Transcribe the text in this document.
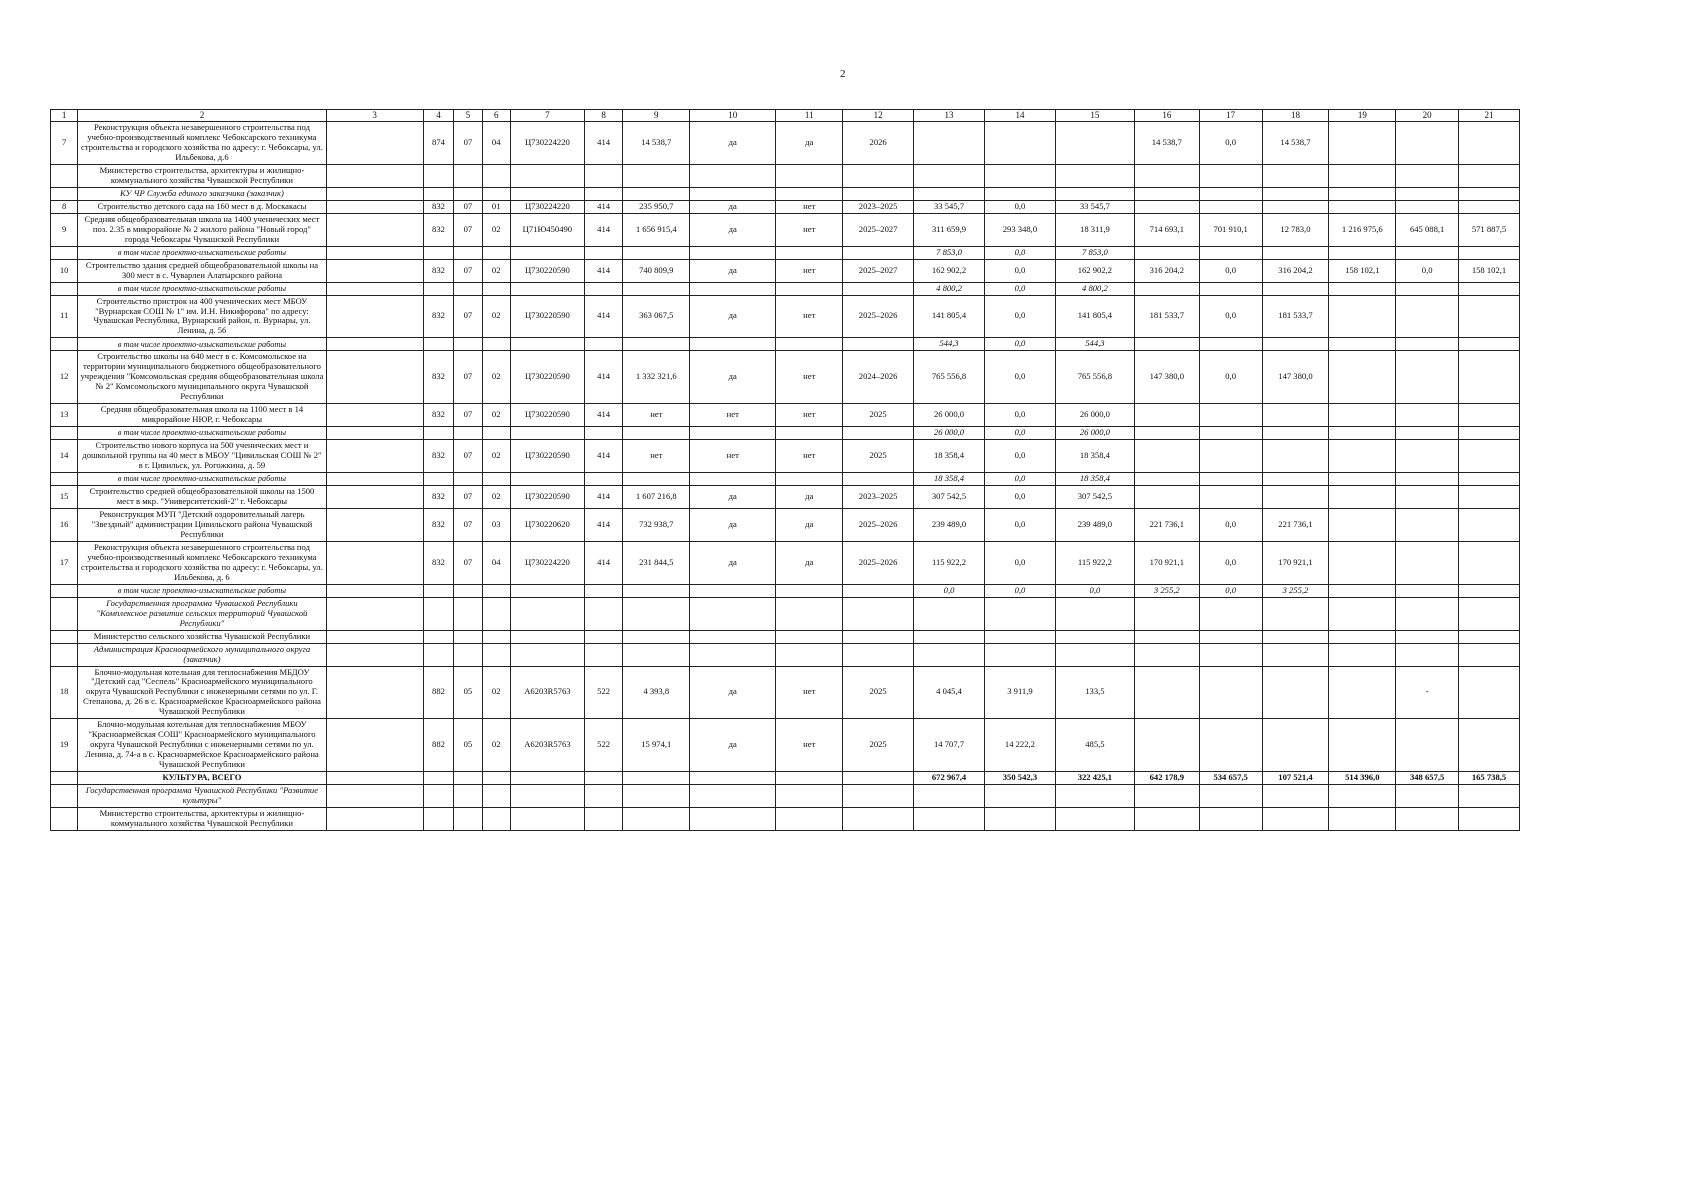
2
1	2	3	4	5	6	7	8	9	10	11	12	13	14	15	16	17	18	19	20	21
7	Реконструкция объекта незавершенного строительства под учебно-производственный комплекс Чебоксарского техникума строительства и городского хозяйства по адресу: г. Чебоксары, ул. Ильбекова, д.6		874	07	04	Ц730224220	414	14 538,7	да	да	2026				14 538,7	0,0	14 538,7			
	Министерство строительства, архитектуры и жилищно-коммунального хозяйства Чувашской Республики																			
	КУ ЧР Служба единого заказчика (заказчик)																			
8	Строительство детского сада на 160 мест в д. Москакасы		832	07	01	Ц730224220	414	235 950,7	да	нет	2023–2025	33 545,7	0,0	33 545,7						
9	Средняя общеобразовательная школа на 1400 ученических мест поз. 2.35 в микрорайоне № 2 жилого района "Новый город" города Чебоксары Чувашской Республики		832	07	02	Ц71Ю450490	414	1 656 915,4	да	нет	2025–2027	311 659,9	293 348,0	18 311,9	714 693,1	701 910,1	12 783,0	1 216 975,6	645 088,1	571 887,5
	в том числе проектно-изыскательские работы											7 853,0	0,0	7 853,0						
10	Строительство здания средней общеобразовательной школы на 300 мест в с. Чуварлеи Алатырского района		832	07	02	Ц730220590	414	740 809,9	да	нет	2025–2027	162 902,2	0,0	162 902,2	316 204,2	0,0	316 204,2	158 102,1	0,0	158 102,1
	в том числе проектно-изыскательские работы											4 800,2	0,0	4 800,2						
11	Строительство пристрок на 400 ученических мест МБОУ "Вурнарская СОШ № 1" им. И.Н. Никифорова" по адресу: Чувашская Республика, Вурнарский район, п. Вурнары, ул. Ленина, д. 56		832	07	02	Ц730220590	414	363 067,5	да	нет	2025–2026	141 805,4	0,0	141 805,4	181 533,7	0,0	181 533,7			
	в том числе проектно-изыскательские работы											544,3	0,0	544,3						
12	Строительство школы на 640 мест в с. Комсомольское на территории муниципального бюджетного общеобразовательного учреждения "Комсомольская средняя общеобразовательная школа № 2" Комсомольского муниципального округа Чувашской Республики		832	07	02	Ц730220590	414	1 332 321,6	да	нет	2024–2026	765 556,8	0,0	765 556,8	147 380,0	0,0	147 380,0			
13	Средняя общеобразовательная школа на 1100 мест в 14 микрорайоне НЮР, г. Чебоксары		832	07	02	Ц730220590	414	нет	нет	нет	2025	26 000,0	0,0	26 000,0						
	в том числе проектно-изыскательские работы											26 000,0	0,0	26 000,0						
14	Строительство нового корпуса на 500 ученических мест и дошкольной группы на 40 мест в МБОУ "Цивильская СОШ № 2" в г. Цивильск, ул. Рогожкина, д. 59		832	07	02	Ц730220590	414	нет	нет	нет	2025	18 358,4	0,0	18 358,4						
	в том числе проектно-изыскательские работы											18 358,4	0,0	18 358,4						
15	Строительство средней общеобразовательной школы на 1500 мест в мкр. "Университетский-2" г. Чебоксары		832	07	02	Ц730220590	414	1 607 216,8	да	да	2023–2025	307 542,5	0,0	307 542,5						
16	Реконструкция МУП "Детский оздоровительный лагерь "Звездный" администрации Цивильского района Чувашской Республики		832	07	03	Ц730220620	414	732 938,7	да	да	2025–2026	239 489,0	0,0	239 489,0	221 736,1	0,0	221 736,1			
17	Реконструкция объекта незавершенного строительства под учебно-производственный комплекс Чебоксарского техникума строительства и городского хозяйства по адресу: г. Чебоксары, ул. Ильбекова, д. 6		832	07	04	Ц730224220	414	231 844,5	да	да	2025–2026	115 922,2	0,0	115 922,2	170 921,1	0,0	170 921,1			
	в том числе проектно-изыскательские работы											0,0	0,0	0,0	3 255,2	0,0	3 255,2			
	Государственная программа Чувашской Республики "Комплексное развитие сельских территорий Чувашской Республики"																			
	Министерство сельского хозяйства Чувашской Республики																			
	Администрация Красноармейского муниципального округа (заказчик)																			
18	Блочно-модульная котельная для теплоснабжения МБДОУ "Детский сад "Сеспель" Красноармейского муниципального округа Чувашской Республики с инженерными сетями по ул. Г. Степанова, д. 26 в с. Красноармейское Красноармейского района Чувашской Республики		882	05	02	А6203R5763	522	4 393,8	да	нет	2025	4 045,4	3 911,9	133,5					-	
19	Блочно-модульная котельная для теплоснабжения МБОУ "Красноармейская СОШ" Красноармейского муниципального округа Чувашской Республики с инженерными сетями по ул. Ленина, д. 74-а в с. Красноармейское Красноармейского района Чувашской Республики		882	05	02	А6203R5763	522	15 974,1	да	нет	2025	14 707,7	14 222,2	485,5						
	КУЛЬТУРА, ВСЕГО											672 967,4	350 542,3	322 425,1	642 178,9	534 657,5	107 521,4	514 396,0	348 657,5	165 738,5
	Государственная программа Чувашской Республики "Развитие культуры"																			
	Министерство строительства, архитектуры и жилищно-коммунального хозяйства Чувашской Республики																			
